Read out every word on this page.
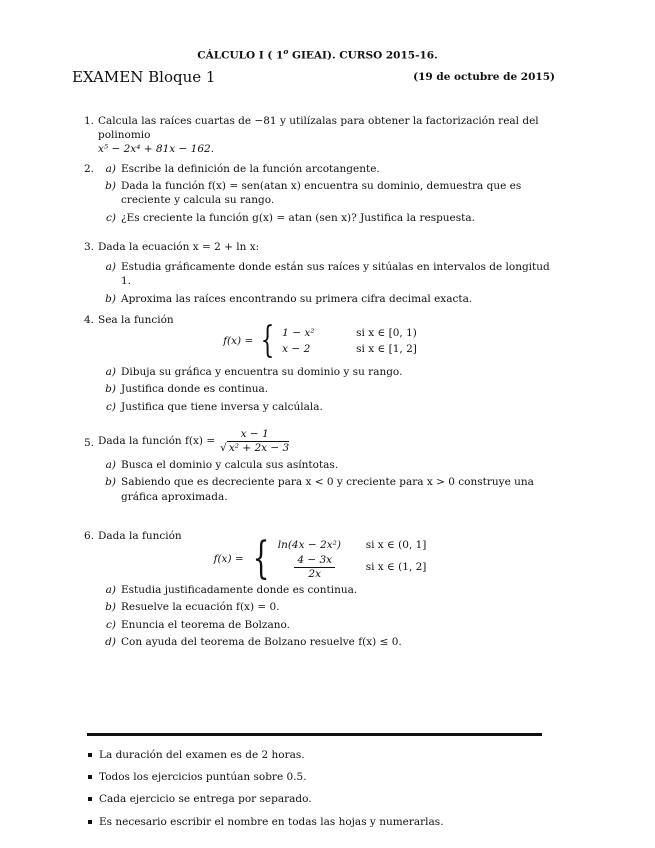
CÁLCULO I ( 1$^o$ GIEAI). CURSO 2015-16.
EXAMEN Bloque 1	(19 de octubre de 2015)
1. Calcula las raíces cuartas de −81 y utilízalas para obtener la factorización real del polinomio
x⁵ − 2x⁴ + 81x − 162.
2.	a) Escribe la definición de la función arcotangente.
b) Dada la función f(x) = sen(atan x) encuentra su dominio, demuestra que es creciente y calcula su rango.
c) ¿Es creciente la función g(x) = atan (sen x)? Justifica la respuesta.
3. Dada la ecuación x = 2 + ln x:
a) Estudia gráficamente donde están sus raíces y sitúalas en intervalos de longitud 1.
b) Aproxima las raíces encontrando su primera cifra decimal exacta.
4. Sea la función
f(x) = { 1 − x²	si x ∈ [0, 1)
x − 2	si x ∈ [1, 2]
a) Dibuja su gráfica y encuentra su dominio y su rango.
b) Justifica donde es continua.
c) Justifica que tiene inversa y calcúlala.
5. Dada la función $f(x) = \frac{x - 1}{\text{√ x² + 2x − 3}}$
a) Busca el dominio y calcula sus asíntotas.
b) Sabiendo que es decreciente para x < 0 y creciente para x > 0 construye una gráfica aproximada.
6. Dada la función
f(x) = { ln(4x − 2x²)	si x ∈ (0, 1]
$\frac{4 - 3x}{2x}$	si x ∈ (1, 2]
a) Estudia justificadamente donde es continua.
b) Resuelve la ecuación f(x) = 0.
c) Enuncia el teorema de Bolzano.
d) Con ayuda del teorema de Bolzano resuelve f(x) ≤ 0.
La duración del examen es de 2 horas.
Todos los ejercicios puntúan sobre 0.5.
Cada ejercicio se entrega por separado.
Es necesario escribir el nombre en todas las hojas y numerarlas.
